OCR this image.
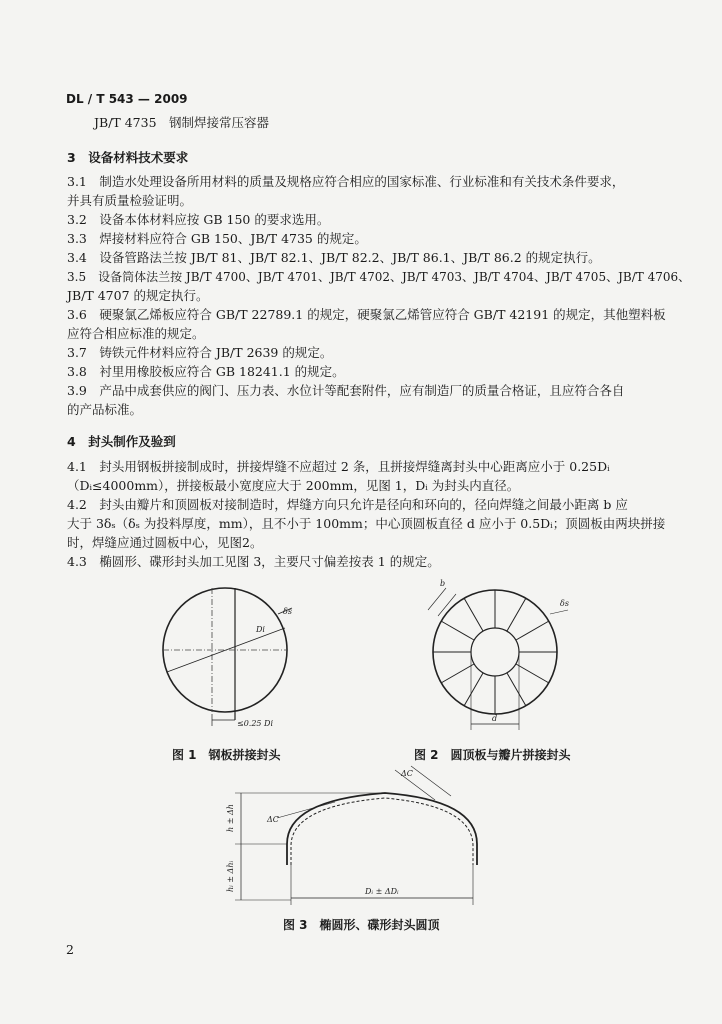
DL / T 543 — 2009
JB/T 4735　钢制焊接常压容器
3　设备材料技术要求
3.1　制造水处理设备所用材料的质量及规格应符合相应的国家标准、行业标准和有关技术条件要求，
并具有质量检验证明。
3.2　设备本体材料应按 GB 150 的要求选用。
3.3　焊接材料应符合 GB 150、JB/T 4735 的规定。
3.4　设备管路法兰按 JB/T 81、JB/T 82.1、JB/T 82.2、JB/T 86.1、JB/T 86.2 的规定执行。
3.5　设备筒体法兰按 JB/T 4700、JB/T 4701、JB/T 4702、JB/T 4703、JB/T 4704、JB/T 4705、JB/T 4706、
JB/T 4707 的规定执行。
3.6　硬聚氯乙烯板应符合 GB/T 22789.1 的规定，硬聚氯乙烯管应符合 GB/T 42191 的规定，其他塑料板
应符合相应标准的规定。
3.7　铸铁元件材料应符合 JB/T 2639 的规定。
3.8　衬里用橡胶板应符合 GB 18241.1 的规定。
3.9　产品中成套供应的阀门、压力表、水位计等配套附件，应有制造厂的质量合格证，且应符合各自
的产品标准。
4　封头制作及验到
4.1　封头用钢板拼接制成时，拼接焊缝不应超过 2 条，且拼接焊缝离封头中心距离应小于 0.25Dᵢ
（Dᵢ≤4000mm），拼接板最小宽度应大于 200mm，见图 1，Dᵢ 为封头内直径。
4.2　封头由瓣片和顶圆板对接制造时，焊缝方向只允许是径向和环向的，径向焊缝之间最小距离 b 应
大于 3δₛ（δₛ 为投料厚度，mm），且不小于 100mm；中心顶圆板直径 d 应小于 0.5Dᵢ；顶圆板由两块拼接
时，焊缝应通过圆板中心，见图2。
4.3　椭圆形、碟形封头加工见图 3，主要尺寸偏差按表 1 的规定。
Di
δs
≤0.25 Di
图 1　钢板拼接封头
b
δs
d
图 2　圆顶板与瓣片拼接封头
ΔC
ΔC
h ± Δh
hᵢ ± Δhᵢ	Dᵢ ± ΔDᵢ
图 3　椭圆形、碟形封头圆顶
2
